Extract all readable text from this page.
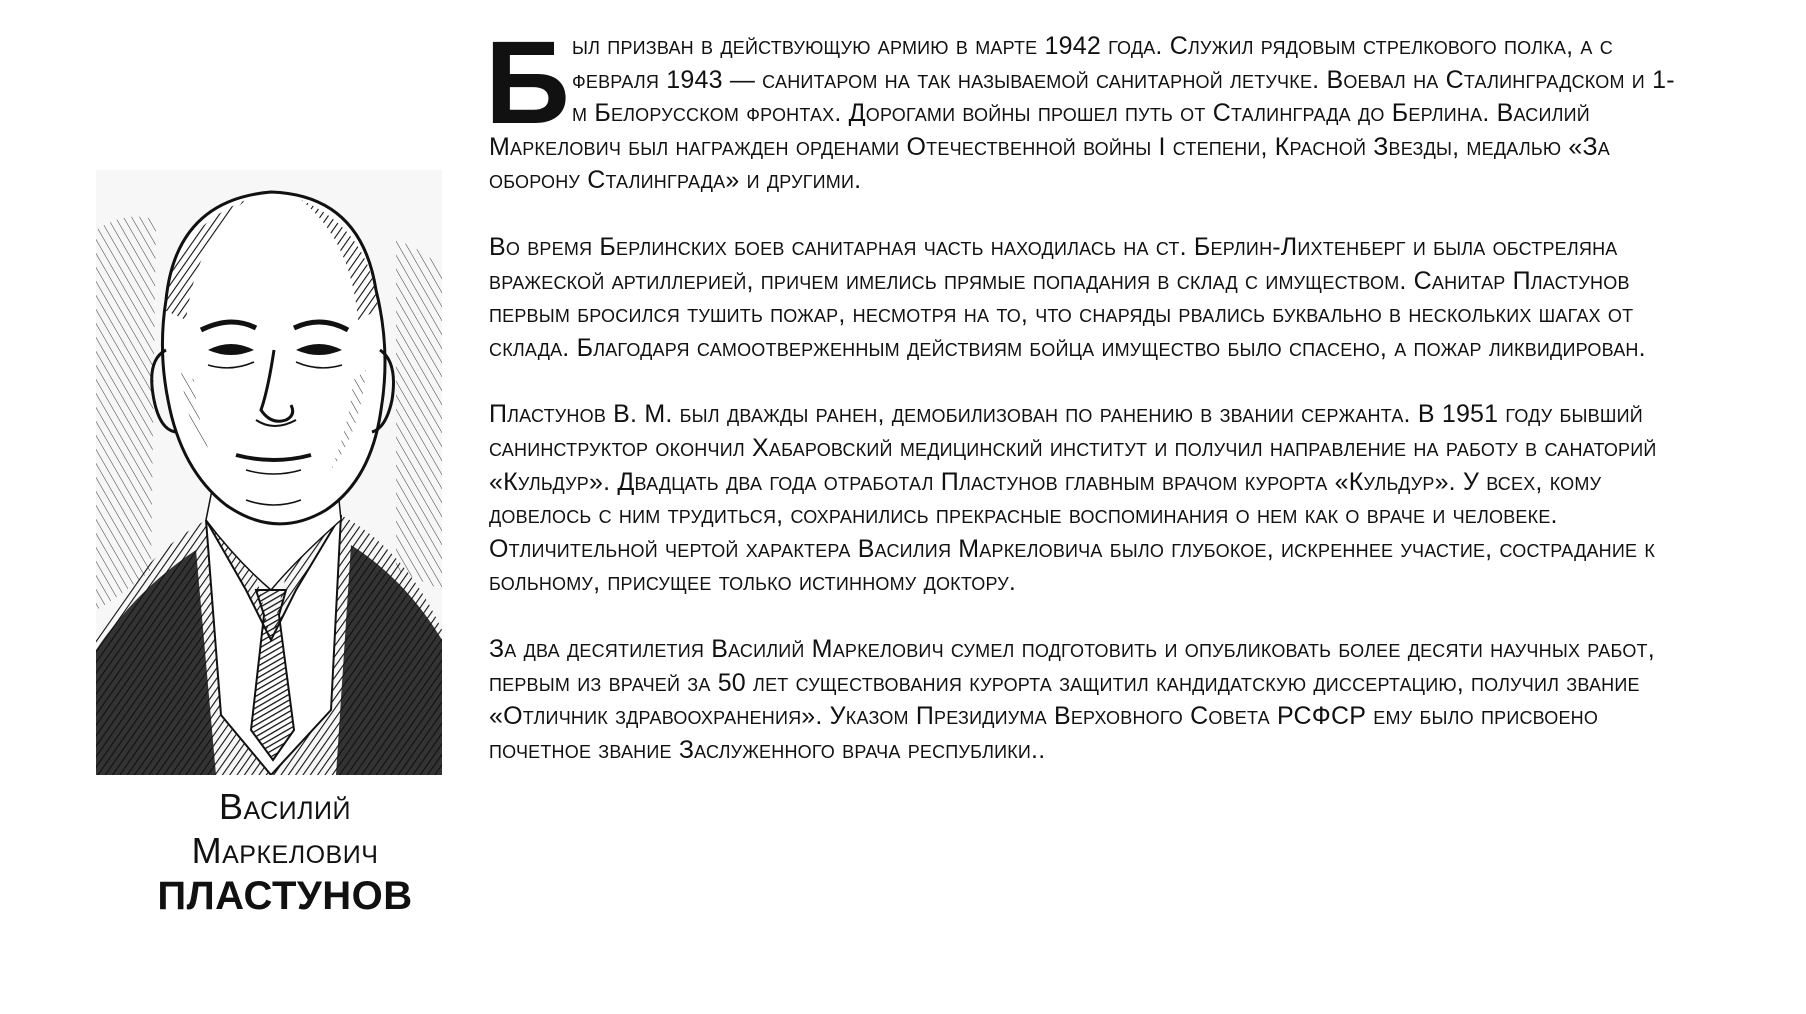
Василий
Маркелович
ПЛАСТУНОВ

Б ыл призван в действующую армию в марте 1942 года. Служил рядовым стрелкового полка, а с февраля 1943 — санитаром на так называемой санитарной летучке. Воевал на Сталинградском и 1-м Белорусском фронтах. Дорогами войны прошел путь от Сталинграда до Берлина. Василий Маркелович был награжден орденами Отечественной войны I степени, Красной Звезды, медалью «За оборону Сталинграда» и другими.

Во время Берлинских боев санитарная часть находилась на ст. Берлин-Лихтенберг и была обстреляна вражеской артиллерией, причем имелись прямые попадания в склад с имуществом. Санитар Пластунов первым бросился тушить пожар, несмотря на то, что снаряды рвались буквально в нескольких шагах от склада. Благодаря самоотверженным действиям бойца имущество было спасено, а пожар ликвидирован.

Пластунов В. М. был дважды ранен, демобилизован по ранению в звании сержанта. В 1951 году бывший санинструктор окончил Хабаровский медицинский институт и получил направление на работу в санаторий «Кульдур». Двадцать два года отработал Пластунов главным врачом курорта «Кульдур». У всех, кому довелось с ним трудиться, сохранились прекрасные воспоминания о нем как о враче и человеке. Отличительной чертой характера Василия Маркеловича было глубокое, искреннее участие, сострадание к больному, присущее только истинному доктору.

За два десятилетия Василий Маркелович сумел подготовить и опубликовать более десяти научных работ, первым из врачей за 50 лет существования курорта защитил кандидатскую диссертацию, получил звание «Отличник здравоохранения». Указом Президиума Верховного Совета РСФСР ему было присвоено почетное звание Заслуженного врача республики..
